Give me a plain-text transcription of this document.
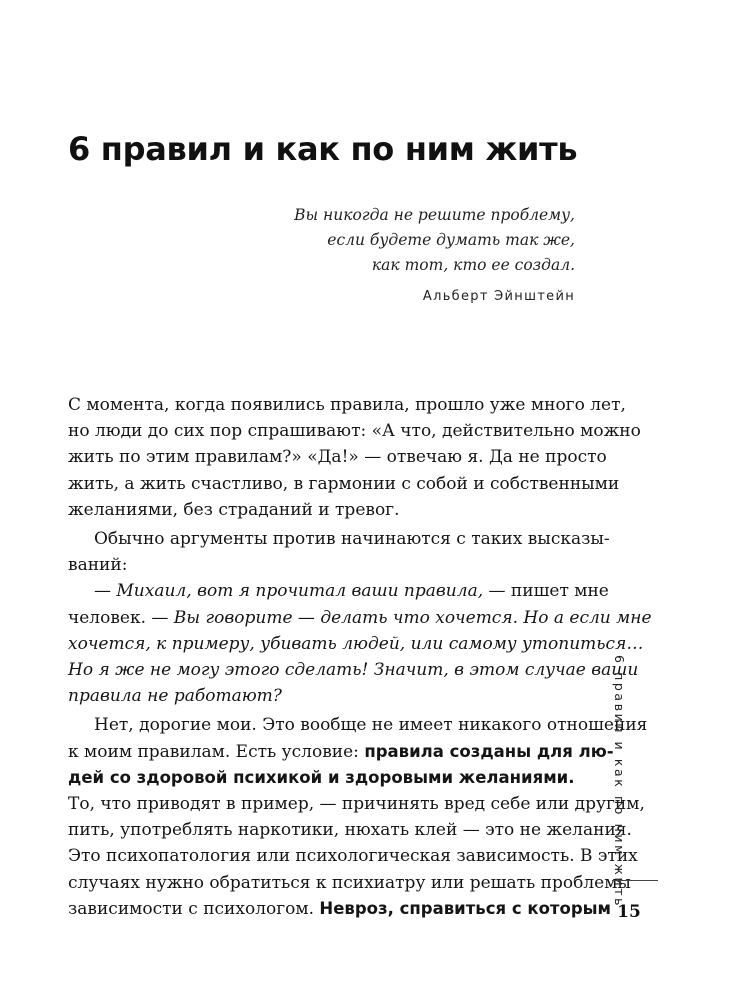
6 правил и как по ним жить
Вы никогда не решите проблему,
если будете думать так же,
как тот, кто ее создал.
Альберт Эйнштейн
С момента, когда появились правила, прошло уже много лет,
но люди до сих пор спрашивают: «А что, действительно можно
жить по этим правилам?» «Да!» — отвечаю я. Да не просто
жить, а жить счастливо, в гармонии с собой и собственными
желаниями, без страданий и тревог.
Обычно аргументы против начинаются с таких высказы-
ваний:
— Михаил, вот я прочитал ваши правила, — пишет мне
человек. — Вы говорите — делать что хочется. Но а если мне
хочется, к примеру, убивать людей, или самому утопиться…
Но я же не могу этого сделать! Значит, в этом случае ваши
правила не работают?
Нет, дорогие мои. Это вообще не имеет никакого отношения
к моим правилам. Есть условие: правила созданы для лю-
дей со здоровой психикой и здоровыми желаниями.
То, что приводят в пример, — причинять вред себе или другим,
пить, употреблять наркотики, нюхать клей — это не желания.
Это психопатология или психологическая зависимость. В этих
случаях нужно обратиться к психиатру или решать проблемы
зависимости с психологом. Невроз, справиться с которым
6 правил и как по ним жить
15
